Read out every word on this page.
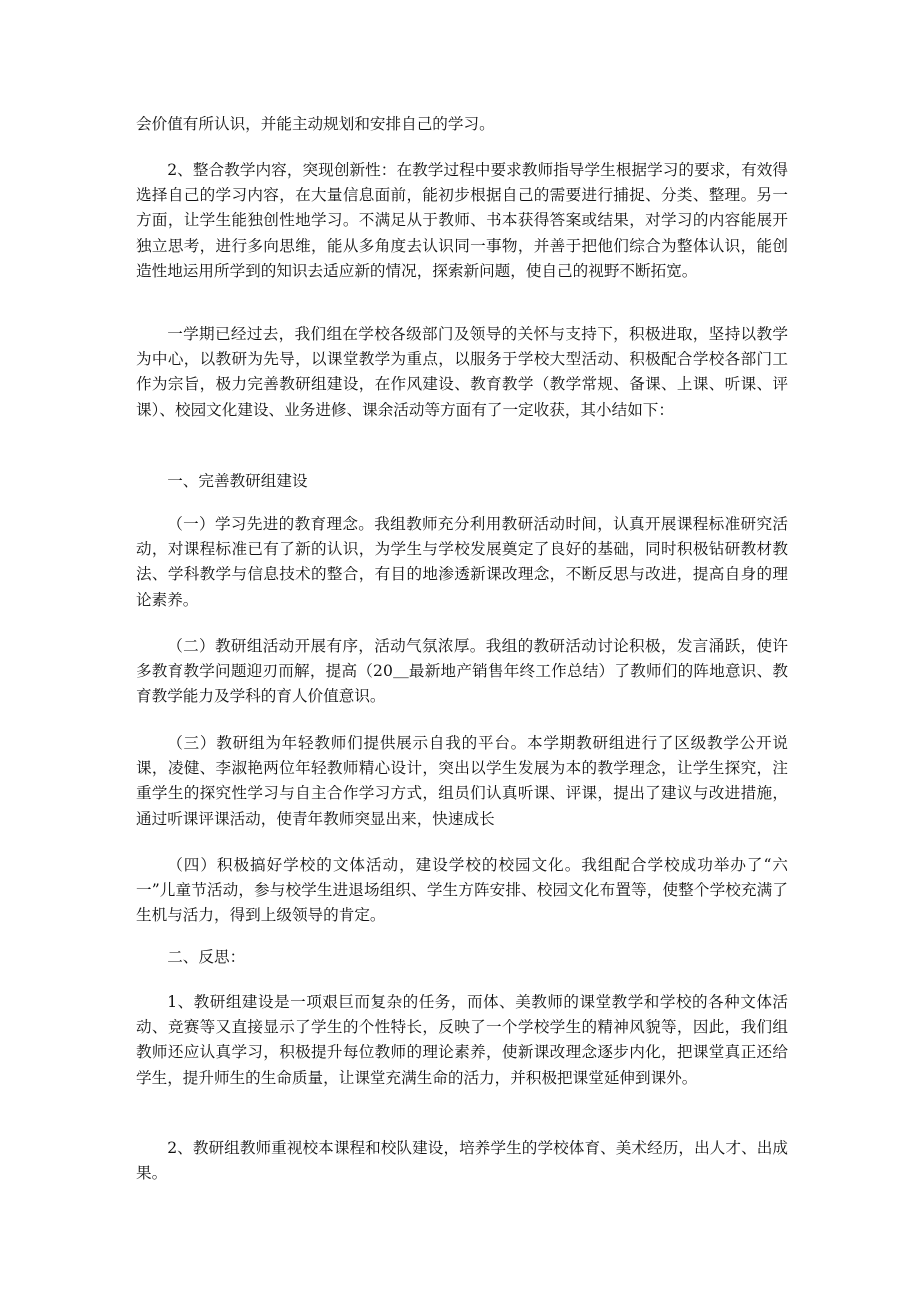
会价值有所认识，并能主动规划和安排自己的学习。

2、整合教学内容，突现创新性：在教学过程中要求教师指导学生根据学习的要求，有效得选择自己的学习内容，在大量信息面前，能初步根据自己的需要进行捕捉、分类、整理。另一方面，让学生能独创性地学习。不满足从于教师、书本获得答案或结果，对学习的内容能展开独立思考，进行多向思维，能从多角度去认识同一事物，并善于把他们综合为整体认识，能创造性地运用所学到的知识去适应新的情况，探索新问题，使自己的视野不断拓宽。

一学期已经过去，我们组在学校各级部门及领导的关怀与支持下，积极进取，坚持以教学为中心，以教研为先导，以课堂教学为重点，以服务于学校大型活动、积极配合学校各部门工作为宗旨，极力完善教研组建设，在作风建设、教育教学（教学常规、备课、上课、听课、评课）、校园文化建设、业务进修、课余活动等方面有了一定收获，其小结如下：

一、完善教研组建设

（一）学习先进的教育理念。我组教师充分利用教研活动时间，认真开展课程标准研究活动，对课程标准已有了新的认识，为学生与学校发展奠定了良好的基础，同时积极钻研教材教法、学科教学与信息技术的整合，有目的地渗透新课改理念，不断反思与改进，提高自身的理论素养。

（二）教研组活动开展有序，活动气氛浓厚。我组的教研活动讨论积极，发言涌跃，使许多教育教学问题迎刃而解，提高（20＿最新地产销售年终工作总结）了教师们的阵地意识、教育教学能力及学科的育人价值意识。

（三）教研组为年轻教师们提供展示自我的平台。本学期教研组进行了区级教学公开说课，凌健、李淑艳两位年轻教师精心设计，突出以学生发展为本的教学理念，让学生探究，注重学生的探究性学习与自主合作学习方式，组员们认真听课、评课，提出了建议与改进措施，通过听课评课活动，使青年教师突显出来，快速成长

（四）积极搞好学校的文体活动，建设学校的校园文化。我组配合学校成功举办了“六一”儿童节活动，参与校学生进退场组织、学生方阵安排、校园文化布置等，使整个学校充满了生机与活力，得到上级领导的肯定。

二、反思：

1、教研组建设是一项艰巨而复杂的任务，而体、美教师的课堂教学和学校的各种文体活动、竞赛等又直接显示了学生的个性特长，反映了一个学校学生的精神风貌等，因此，我们组教师还应认真学习，积极提升每位教师的理论素养，使新课改理念逐步内化，把课堂真正还给学生，提升师生的生命质量，让课堂充满生命的活力，并积极把课堂延伸到课外。

2、教研组教师重视校本课程和校队建设，培养学生的学校体育、美术经历，出人才、出成果。
